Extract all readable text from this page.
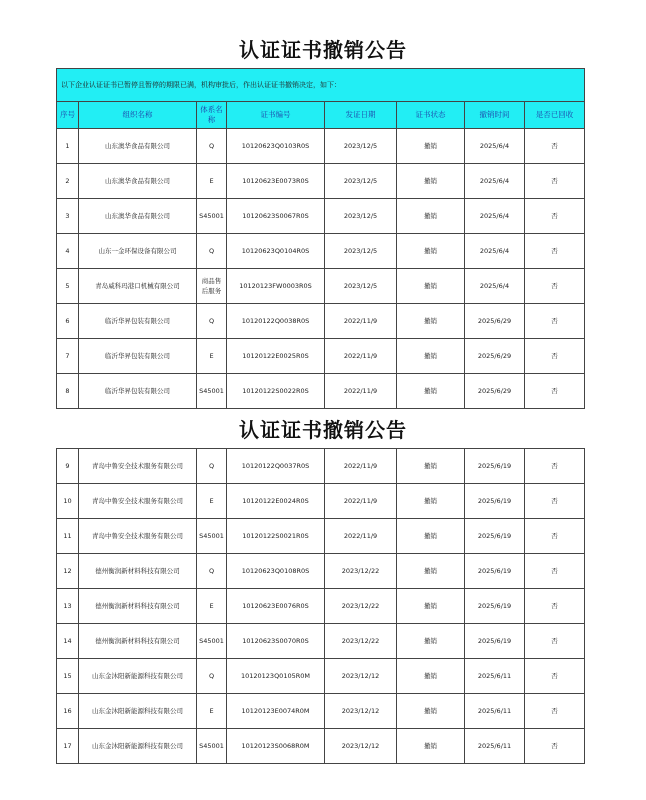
认证证书撤销公告
以下企业认证证书已暂停且暂停的期限已满，机构审批后，作出认证证书撤销决定，如下：							
序号	组织名称	体系名称	证书编号	发证日期	证书状态	撤销时间	是否已回收
1	山东澳华食品有限公司	Q	10120623Q0103R0S	2023/12/5	撤销	2025/6/4	否
2	山东澳华食品有限公司	E	10120623E0073R0S	2023/12/5	撤销	2025/6/4	否
3	山东澳华食品有限公司	S45001	10120623S0067R0S	2023/12/5	撤销	2025/6/4	否
4	山东一金环保设备有限公司	Q	10120623Q0104R0S	2023/12/5	撤销	2025/6/4	否
5	青岛威科玛港口机械有限公司	商品售后服务	10120123FW0003R0S	2023/12/5	撤销	2025/6/4	否
6	临沂华昇包装有限公司	Q	10120122Q0038R0S	2022/11/9	撤销	2025/6/29	否
7	临沂华昇包装有限公司	E	10120122E0025R0S	2022/11/9	撤销	2025/6/29	否
8	临沂华昇包装有限公司	S45001	10120122S0022R0S	2022/11/9	撤销	2025/6/29	否
认证证书撤销公告
9	青岛中鲁安全技术服务有限公司	Q	10120122Q0037R0S	2022/11/9	撤销	2025/6/19	否
10	青岛中鲁安全技术服务有限公司	E	10120122E0024R0S	2022/11/9	撤销	2025/6/19	否
11	青岛中鲁安全技术服务有限公司	S45001	10120122S0021R0S	2022/11/9	撤销	2025/6/19	否
12	德州衡润新材料科技有限公司	Q	10120623Q0108R0S	2023/12/22	撤销	2025/6/19	否
13	德州衡润新材料科技有限公司	E	10120623E0076R0S	2023/12/22	撤销	2025/6/19	否
14	德州衡润新材料科技有限公司	S45001	10120623S0070R0S	2023/12/22	撤销	2025/6/19	否
15	山东金沐阳新能源科技有限公司	Q	10120123Q0105R0M	2023/12/12	撤销	2025/6/11	否
16	山东金沐阳新能源科技有限公司	E	10120123E0074R0M	2023/12/12	撤销	2025/6/11	否
17	山东金沐阳新能源科技有限公司	S45001	10120123S0068R0M	2023/12/12	撤销	2025/6/11	否
